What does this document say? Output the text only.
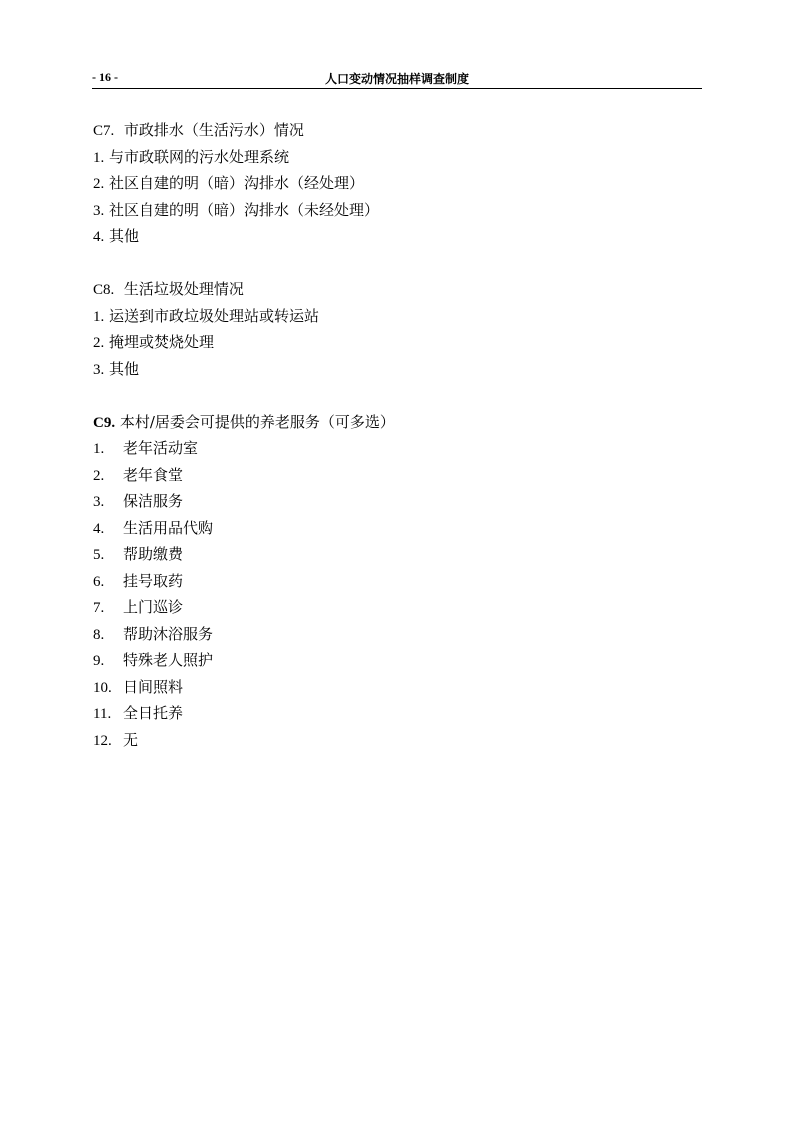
- 16 -	人口变动情况抽样调查制度
C7. 市政排水（生活污水）情况
1. 与市政联网的污水处理系统
2. 社区自建的明（暗）沟排水（经处理）
3. 社区自建的明（暗）沟排水（未经处理）
4. 其他
C8. 生活垃圾处理情况
1. 运送到市政垃圾处理站或转运站
2. 掩埋或焚烧处理
3. 其他
C9. 本村/居委会可提供的养老服务（可多选）
1. 老年活动室
2. 老年食堂
3. 保洁服务
4. 生活用品代购
5. 帮助缴费
6. 挂号取药
7. 上门巡诊
8. 帮助沐浴服务
9. 特殊老人照护
10. 日间照料
11. 全日托养
12. 无
